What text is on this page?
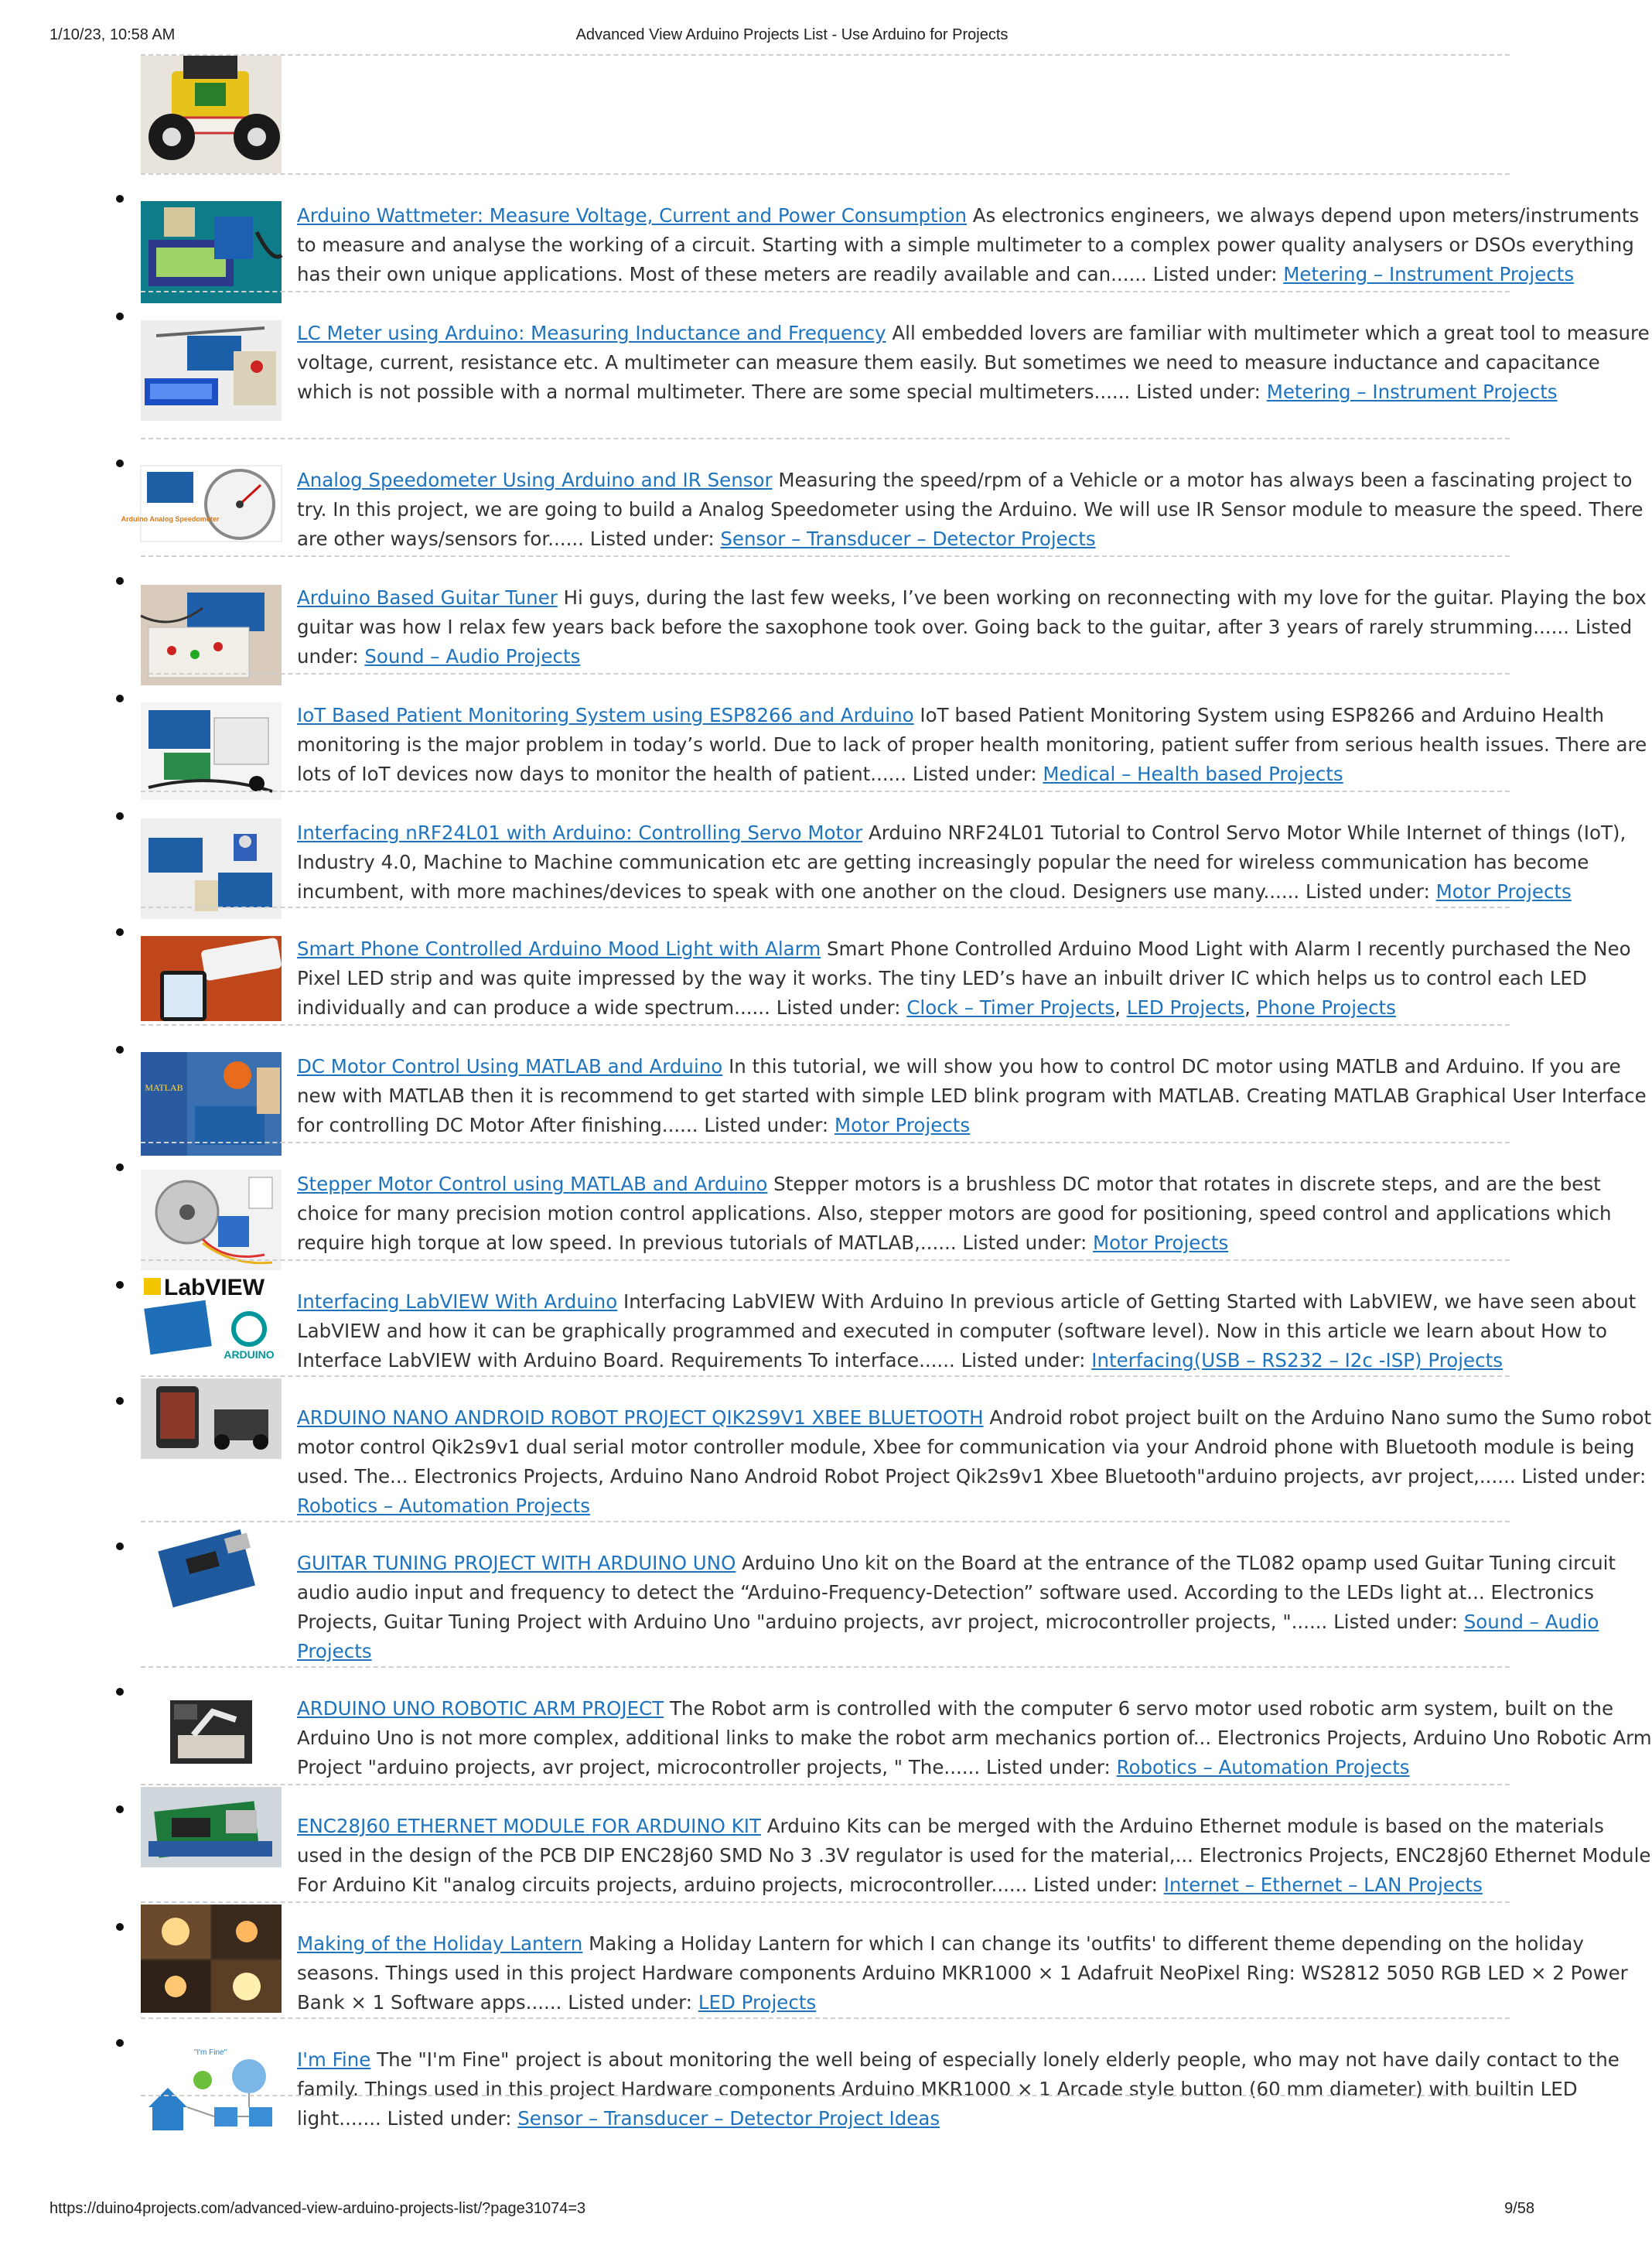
1/10/23, 10:58 AM	Advanced View Arduino Projects List - Use Arduino for Projects
Arduino Wattmeter: Measure Voltage, Current and Power Consumption As electronics engineers, we always depend upon meters/instruments to measure and analyse the working of a circuit. Starting with a simple multimeter to a complex power quality analysers or DSOs everything has their own unique applications. Most of these meters are readily available and can...... Listed under: Metering – Instrument Projects
LC Meter using Arduino: Measuring Inductance and Frequency All embedded lovers are familiar with multimeter which a great tool to measure voltage, current, resistance etc. A multimeter can measure them easily. But sometimes we need to measure inductance and capacitance which is not possible with a normal multimeter. There are some special multimeters...... Listed under: Metering – Instrument Projects
Arduino Analog Speedometer
Analog Speedometer Using Arduino and IR Sensor Measuring the speed/rpm of a Vehicle or a motor has always been a fascinating project to try. In this project, we are going to build a Analog Speedometer using the Arduino. We will use IR Sensor module to measure the speed. There are other ways/sensors for...... Listed under: Sensor – Transducer – Detector Projects
Arduino Based Guitar Tuner Hi guys, during the last few weeks, I’ve been working on reconnecting with my love for the guitar. Playing the box guitar was how I relax few years back before the saxophone took over. Going back to the guitar, after 3 years of rarely strumming...... Listed under: Sound – Audio Projects
IoT Based Patient Monitoring System using ESP8266 and Arduino IoT based Patient Monitoring System using ESP8266 and Arduino Health monitoring is the major problem in today’s world. Due to lack of proper health monitoring, patient suffer from serious health issues. There are lots of IoT devices now days to monitor the health of patient...... Listed under: Medical – Health based Projects
Interfacing nRF24L01 with Arduino: Controlling Servo Motor Arduino NRF24L01 Tutorial to Control Servo Motor While Internet of things (IoT), Industry 4.0, Machine to Machine communication etc are getting increasingly popular the need for wireless communication has become incumbent, with more machines/devices to speak with one another on the cloud. Designers use many...... Listed under: Motor Projects
Smart Phone Controlled Arduino Mood Light with Alarm Smart Phone Controlled Arduino Mood Light with Alarm I recently purchased the Neo Pixel LED strip and was quite impressed by the way it works. The tiny LED’s have an inbuilt driver IC which helps us to control each LED individually and can produce a wide spectrum...... Listed under: Clock – Timer Projects, LED Projects, Phone Projects
MATLAB
DC Motor Control Using MATLAB and Arduino In this tutorial, we will show you how to control DC motor using MATLB and Arduino. If you are new with MATLAB then it is recommend to get started with simple LED blink program with MATLAB. Creating MATLAB Graphical User Interface for controlling DC Motor After finishing...... Listed under: Motor Projects
Stepper Motor Control using MATLAB and Arduino Stepper motors is a brushless DC motor that rotates in discrete steps, and are the best choice for many precision motion control applications. Also, stepper motors are good for positioning, speed control and applications which require high torque at low speed. In previous tutorials of MATLAB,...... Listed under: Motor Projects
LabVIEW
ARDUINO
Interfacing LabVIEW With Arduino Interfacing LabVIEW With Arduino In previous article of Getting Started with LabVIEW, we have seen about LabVIEW and how it can be graphically programmed and executed in computer (software level). Now in this article we learn about How to Interface LabVIEW with Arduino Board. Requirements To interface...... Listed under: Interfacing(USB – RS232 – I2c -ISP) Projects
ARDUINO NANO ANDROID ROBOT PROJECT QIK2S9V1 XBEE BLUETOOTH Android robot project built on the Arduino Nano sumo the Sumo robot motor control Qik2s9v1 dual serial motor controller module, Xbee for communication via your Android phone with Bluetooth module is being used. The... Electronics Projects, Arduino Nano Android Robot Project Qik2s9v1 Xbee Bluetooth"arduino projects, avr project,...... Listed under: Robotics – Automation Projects
GUITAR TUNING PROJECT WITH ARDUINO UNO Arduino Uno kit on the Board at the entrance of the TL082 opamp used Guitar Tuning circuit audio audio input and frequency to detect the “Arduino-Frequency-Detection” software used. According to the LEDs light at... Electronics Projects, Guitar Tuning Project with Arduino Uno "arduino projects, avr project, microcontroller projects, "...... Listed under: Sound – Audio Projects
ARDUINO UNO ROBOTIC ARM PROJECT The Robot arm is controlled with the computer 6 servo motor used robotic arm system, built on the Arduino Uno is not more complex, additional links to make the robot arm mechanics portion of... Electronics Projects, Arduino Uno Robotic Arm Project "arduino projects, avr project, microcontroller projects, " The...... Listed under: Robotics – Automation Projects
ENC28J60 ETHERNET MODULE FOR ARDUINO KIT Arduino Kits can be merged with the Arduino Ethernet module is based on the materials used in the design of the PCB DIP ENC28j60 SMD No 3 .3V regulator is used for the material,... Electronics Projects, ENC28j60 Ethernet Module For Arduino Kit "analog circuits projects, arduino projects, microcontroller...... Listed under: Internet – Ethernet – LAN Projects
Making of the Holiday Lantern Making a Holiday Lantern for which I can change its 'outfits' to different theme depending on the holiday seasons. Things used in this project Hardware components Arduino MKR1000 × 1 Adafruit NeoPixel Ring: WS2812 5050 RGB LED × 2 Power Bank × 1 Software apps...... Listed under: LED Projects
"I'm Fine"	I'm Fine The "I'm Fine" project is about monitoring the well being of especially lonely elderly people, who may not have daily contact to the family. Things used in this project Hardware components Arduino MKR1000 × 1 Arcade style button (60 mm diameter) with builtin LED light....... Listed under: Sensor – Transducer – Detector Project Ideas
https://duino4projects.com/advanced-view-arduino-projects-list/?page31074=3	9/58
